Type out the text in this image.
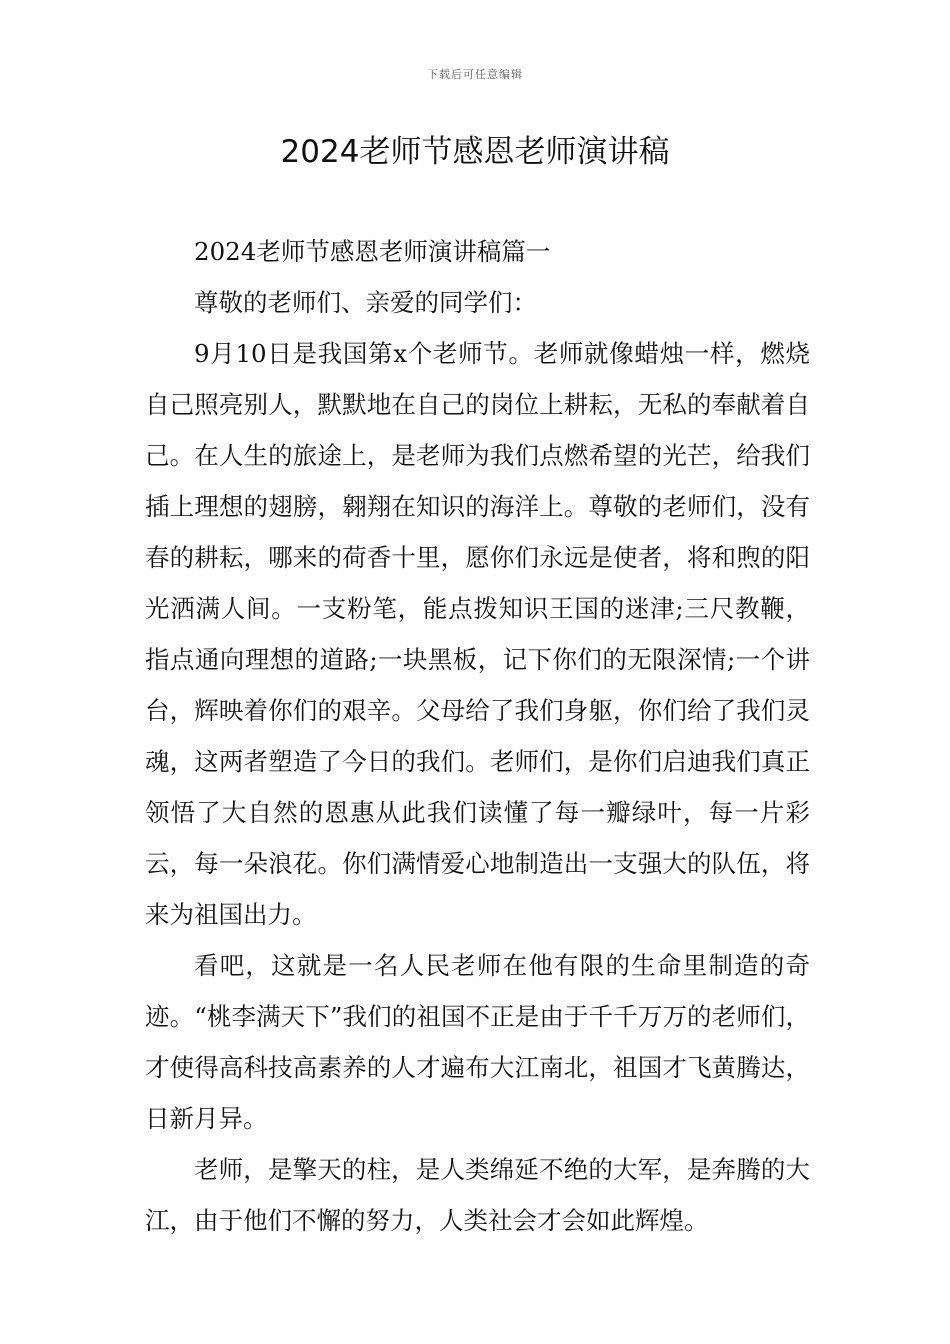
下载后可任意编辑
2024老师节感恩老师演讲稿

2024老师节感恩老师演讲稿篇一

尊敬的老师们、亲爱的同学们：

9月10日是我国第x个老师节。老师就像蜡烛一样，燃烧自己照亮别人，默默地在自己的岗位上耕耘，无私的奉献着自己。在人生的旅途上，是老师为我们点燃希望的光芒，给我们插上理想的翅膀，翱翔在知识的海洋上。尊敬的老师们，没有春的耕耘，哪来的荷香十里，愿你们永远是使者，将和煦的阳光洒满人间。一支粉笔，能点拨知识王国的迷津;三尺教鞭，指点通向理想的道路;一块黑板，记下你们的无限深情;一个讲台，辉映着你们的艰辛。父母给了我们身躯，你们给了我们灵魂，这两者塑造了今日的我们。老师们，是你们启迪我们真正领悟了大自然的恩惠从此我们读懂了每一瓣绿叶，每一片彩云，每一朵浪花。你们满情爱心地制造出一支强大的队伍，将来为祖国出力。

看吧，这就是一名人民老师在他有限的生命里制造的奇迹。“桃李满天下”我们的祖国不正是由于千千万万的老师们，才使得高科技高素养的人才遍布大江南北，祖国才飞黄腾达，日新月异。

老师，是擎天的柱，是人类绵延不绝的大军，是奔腾的大江，由于他们不懈的努力，人类社会才会如此辉煌。
